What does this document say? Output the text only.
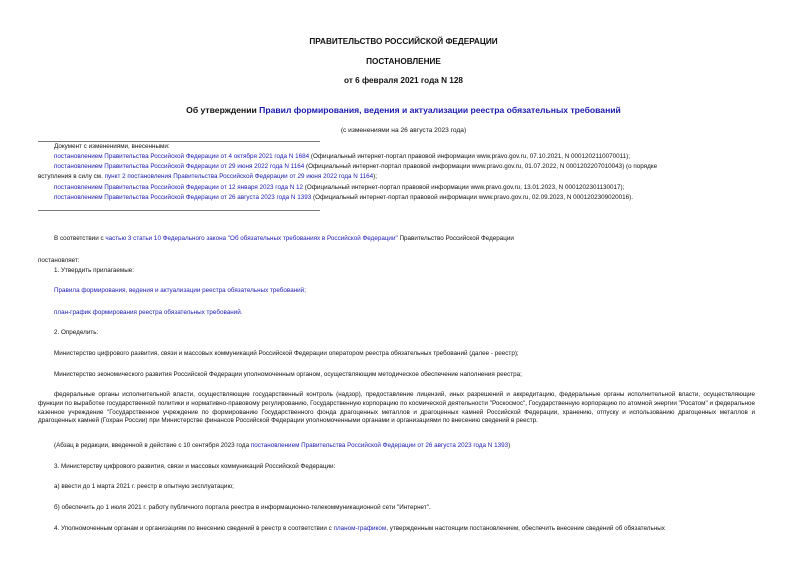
ПРАВИТЕЛЬСТВО РОССИЙСКОЙ ФЕДЕРАЦИИ
ПОСТАНОВЛЕНИЕ
от 6 февраля 2021 года N 128
Об утверждении Правил формирования, ведения и актуализации реестра обязательных требований
(с изменениями на 26 августа 2023 года)
Документ с изменениями, внесенными:
постановлением Правительства Российской Федерации от 4 октября 2021 года N 1684 (Официальный интернет-портал правовой информации www.pravo.gov.ru, 07.10.2021, N 0001202110070011);
постановлением Правительства Российской Федерации от 29 июня 2022 года N 1164 (Официальный интернет-портал правовой информации www.pravo.gov.ru, 01.07.2022, N 0001202207010043) (о порядке
вступления в силу см. пункт 2 постановления Правительства Российской Федерации от 29 июня 2022 года N 1164);
постановлением Правительства Российской Федерации от 12 января 2023 года N 12 (Официальный интернет-портал правовой информации www.pravo.gov.ru, 13.01.2023, N 0001202301130017);
постановлением Правительства Российской Федерации от 26 августа 2023 года N 1393 (Официальный интернет-портал правовой информации www.pravo.gov.ru, 02.09.2023, N 0001202309020016).
В соответствии с частью 3 статьи 10 Федерального закона "Об обязательных требованиях в Российской Федерации" Правительство Российской Федерации
постановляет:
1. Утвердить прилагаемые:
Правила формирования, ведения и актуализации реестра обязательных требований;
план-график формирования реестра обязательных требований.
2. Определить:
Министерство цифрового развития, связи и массовых коммуникаций Российской Федерации оператором реестра обязательных требований (далее - реестр);
Министерство экономического развития Российской Федерации уполномоченным органом, осуществляющим методическое обеспечение наполнения реестра;
федеральные органы исполнительной власти, осуществляющие государственный контроль (надзор), предоставление лицензий, иных разрешений и аккредитацию, федеральные органы исполнительной власти, осуществляющие функции по выработке государственной политики и нормативно-правовому регулированию, Государственную корпорацию по космической деятельности "Роскосмос", Государственную корпорацию по атомной энергии "Росатом" и федеральное казенное учреждение "Государственное учреждение по формированию Государственного фонда драгоценных металлов и драгоценных камней Российской Федерации, хранению, отпуску и использованию драгоценных металлов и драгоценных камней (Гохран России) при Министерстве финансов Российской Федерации уполномоченными органами и организациями по внесению сведений в реестр.
(Абзац в редакции, введенной в действие с 10 сентября 2023 года постановлением Правительства Российской Федерации от 26 августа 2023 года N 1393)
3. Министерству цифрового развития, связи и массовых коммуникаций Российской Федерации:
а) ввести до 1 марта 2021 г. реестр в опытную эксплуатацию;
б) обеспечить до 1 июля 2021 г. работу публичного портала реестра в информационно-телекоммуникационной сети "Интернет".
4. Уполномоченным органам и организациям по внесению сведений в реестр в соответствии с планом-графиком, утвержденным настоящим постановлением, обеспечить внесение сведений об обязательных
